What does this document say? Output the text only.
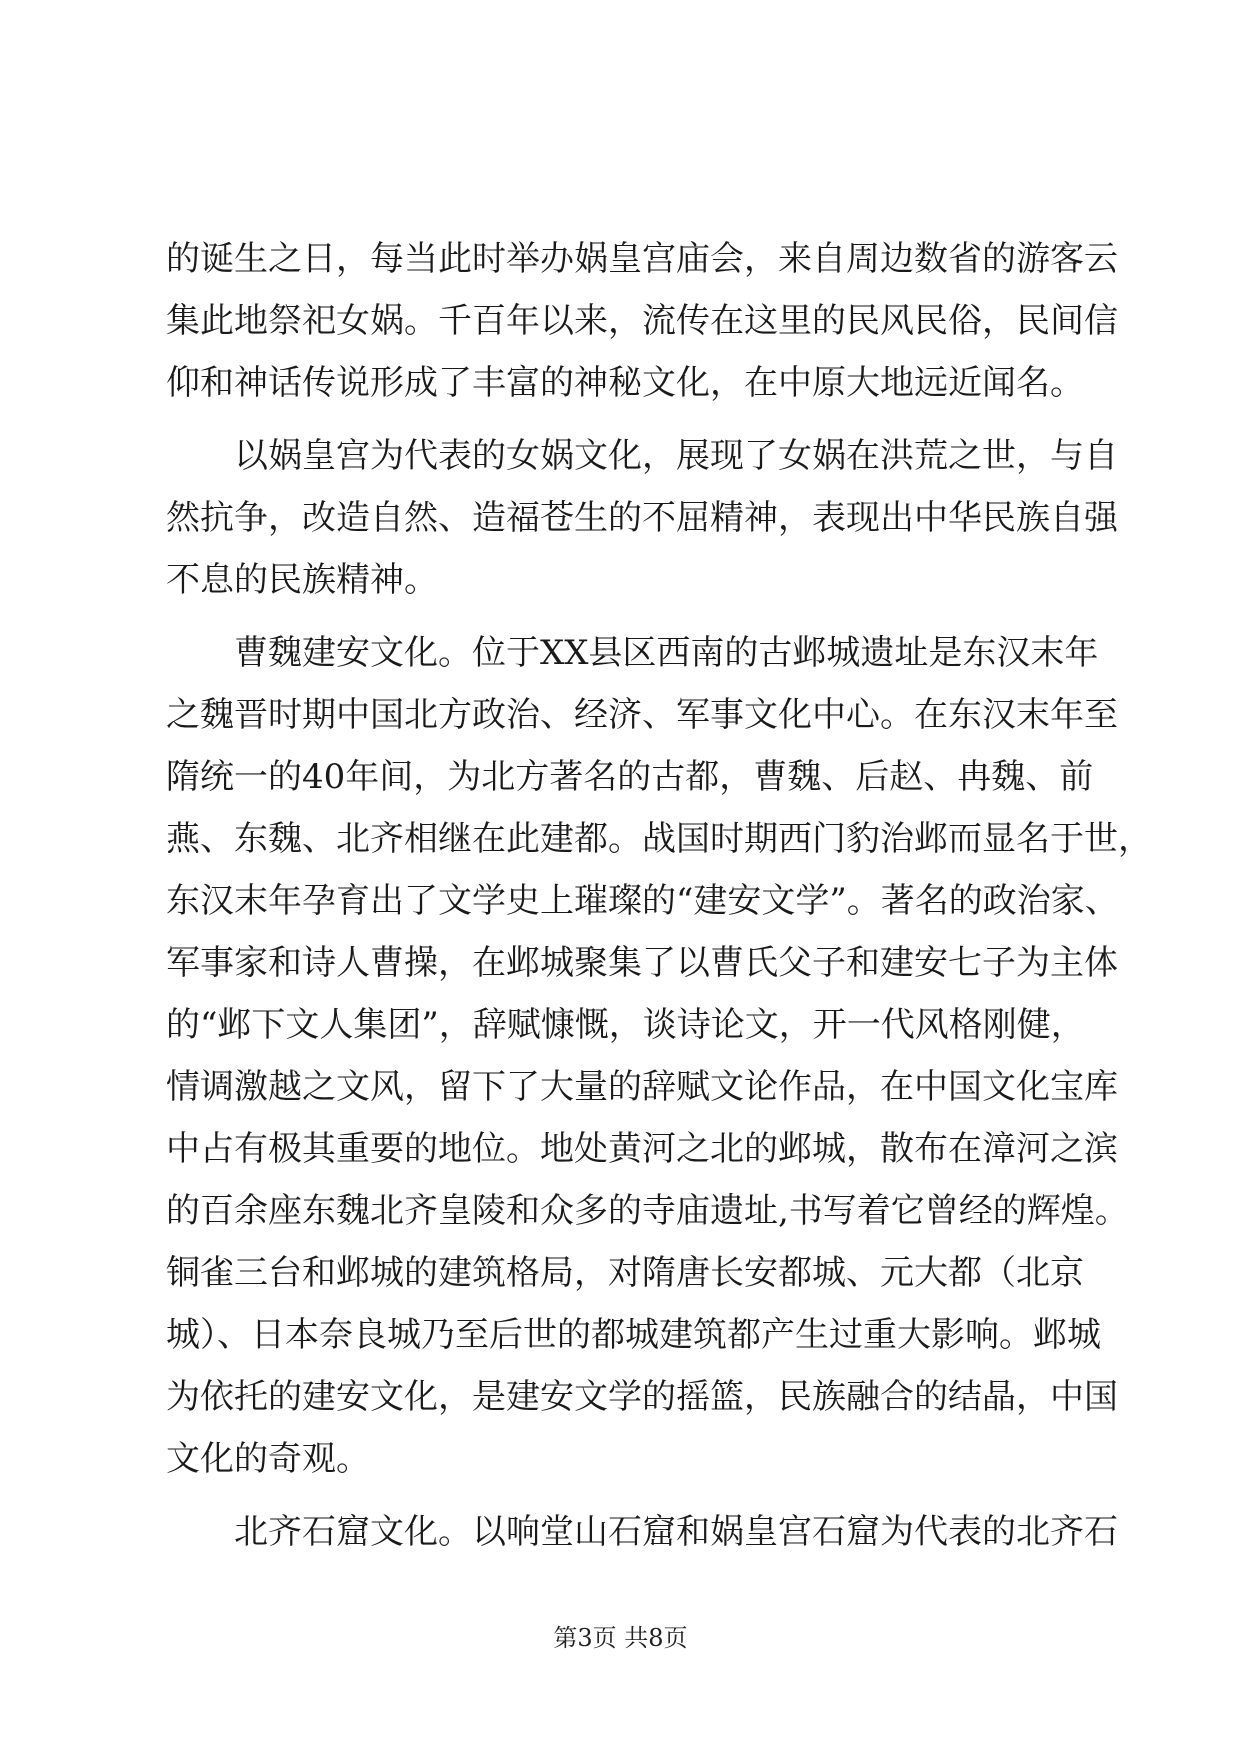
的诞生之日，每当此时举办娲皇宫庙会，来自周边数省的游客云
集此地祭祀女娲。千百年以来，流传在这里的民风民俗，民间信
仰和神话传说形成了丰富的神秘文化，在中原大地远近闻名。
以娲皇宫为代表的女娲文化，展现了女娲在洪荒之世，与自
然抗争，改造自然、造福苍生的不屈精神，表现出中华民族自强
不息的民族精神。
曹魏建安文化。位于XX县区西南的古邺城遗址是东汉末年
之魏晋时期中国北方政治、经济、军事文化中心。在东汉末年至
隋统一的40年间，为北方著名的古都，曹魏、后赵、冉魏、前
燕、东魏、北齐相继在此建都。战国时期西门豹治邺而显名于世，
东汉末年孕育出了文学史上璀璨的“建安文学”。著名的政治家、
军事家和诗人曹操，在邺城聚集了以曹氏父子和建安七子为主体
的“邺下文人集团”，辞赋慷慨，谈诗论文，开一代风格刚健，
情调激越之文风，留下了大量的辞赋文论作品，在中国文化宝库
中占有极其重要的地位。地处黄河之北的邺城，散布在漳河之滨
的百余座东魏北齐皇陵和众多的寺庙遗址,书写着它曾经的辉煌。
铜雀三台和邺城的建筑格局，对隋唐长安都城、元大都（北京
城）、日本奈良城乃至后世的都城建筑都产生过重大影响。邺城
为依托的建安文化，是建安文学的摇篮，民族融合的结晶，中国
文化的奇观。
北齐石窟文化。以响堂山石窟和娲皇宫石窟为代表的北齐石
第3页 共8页
